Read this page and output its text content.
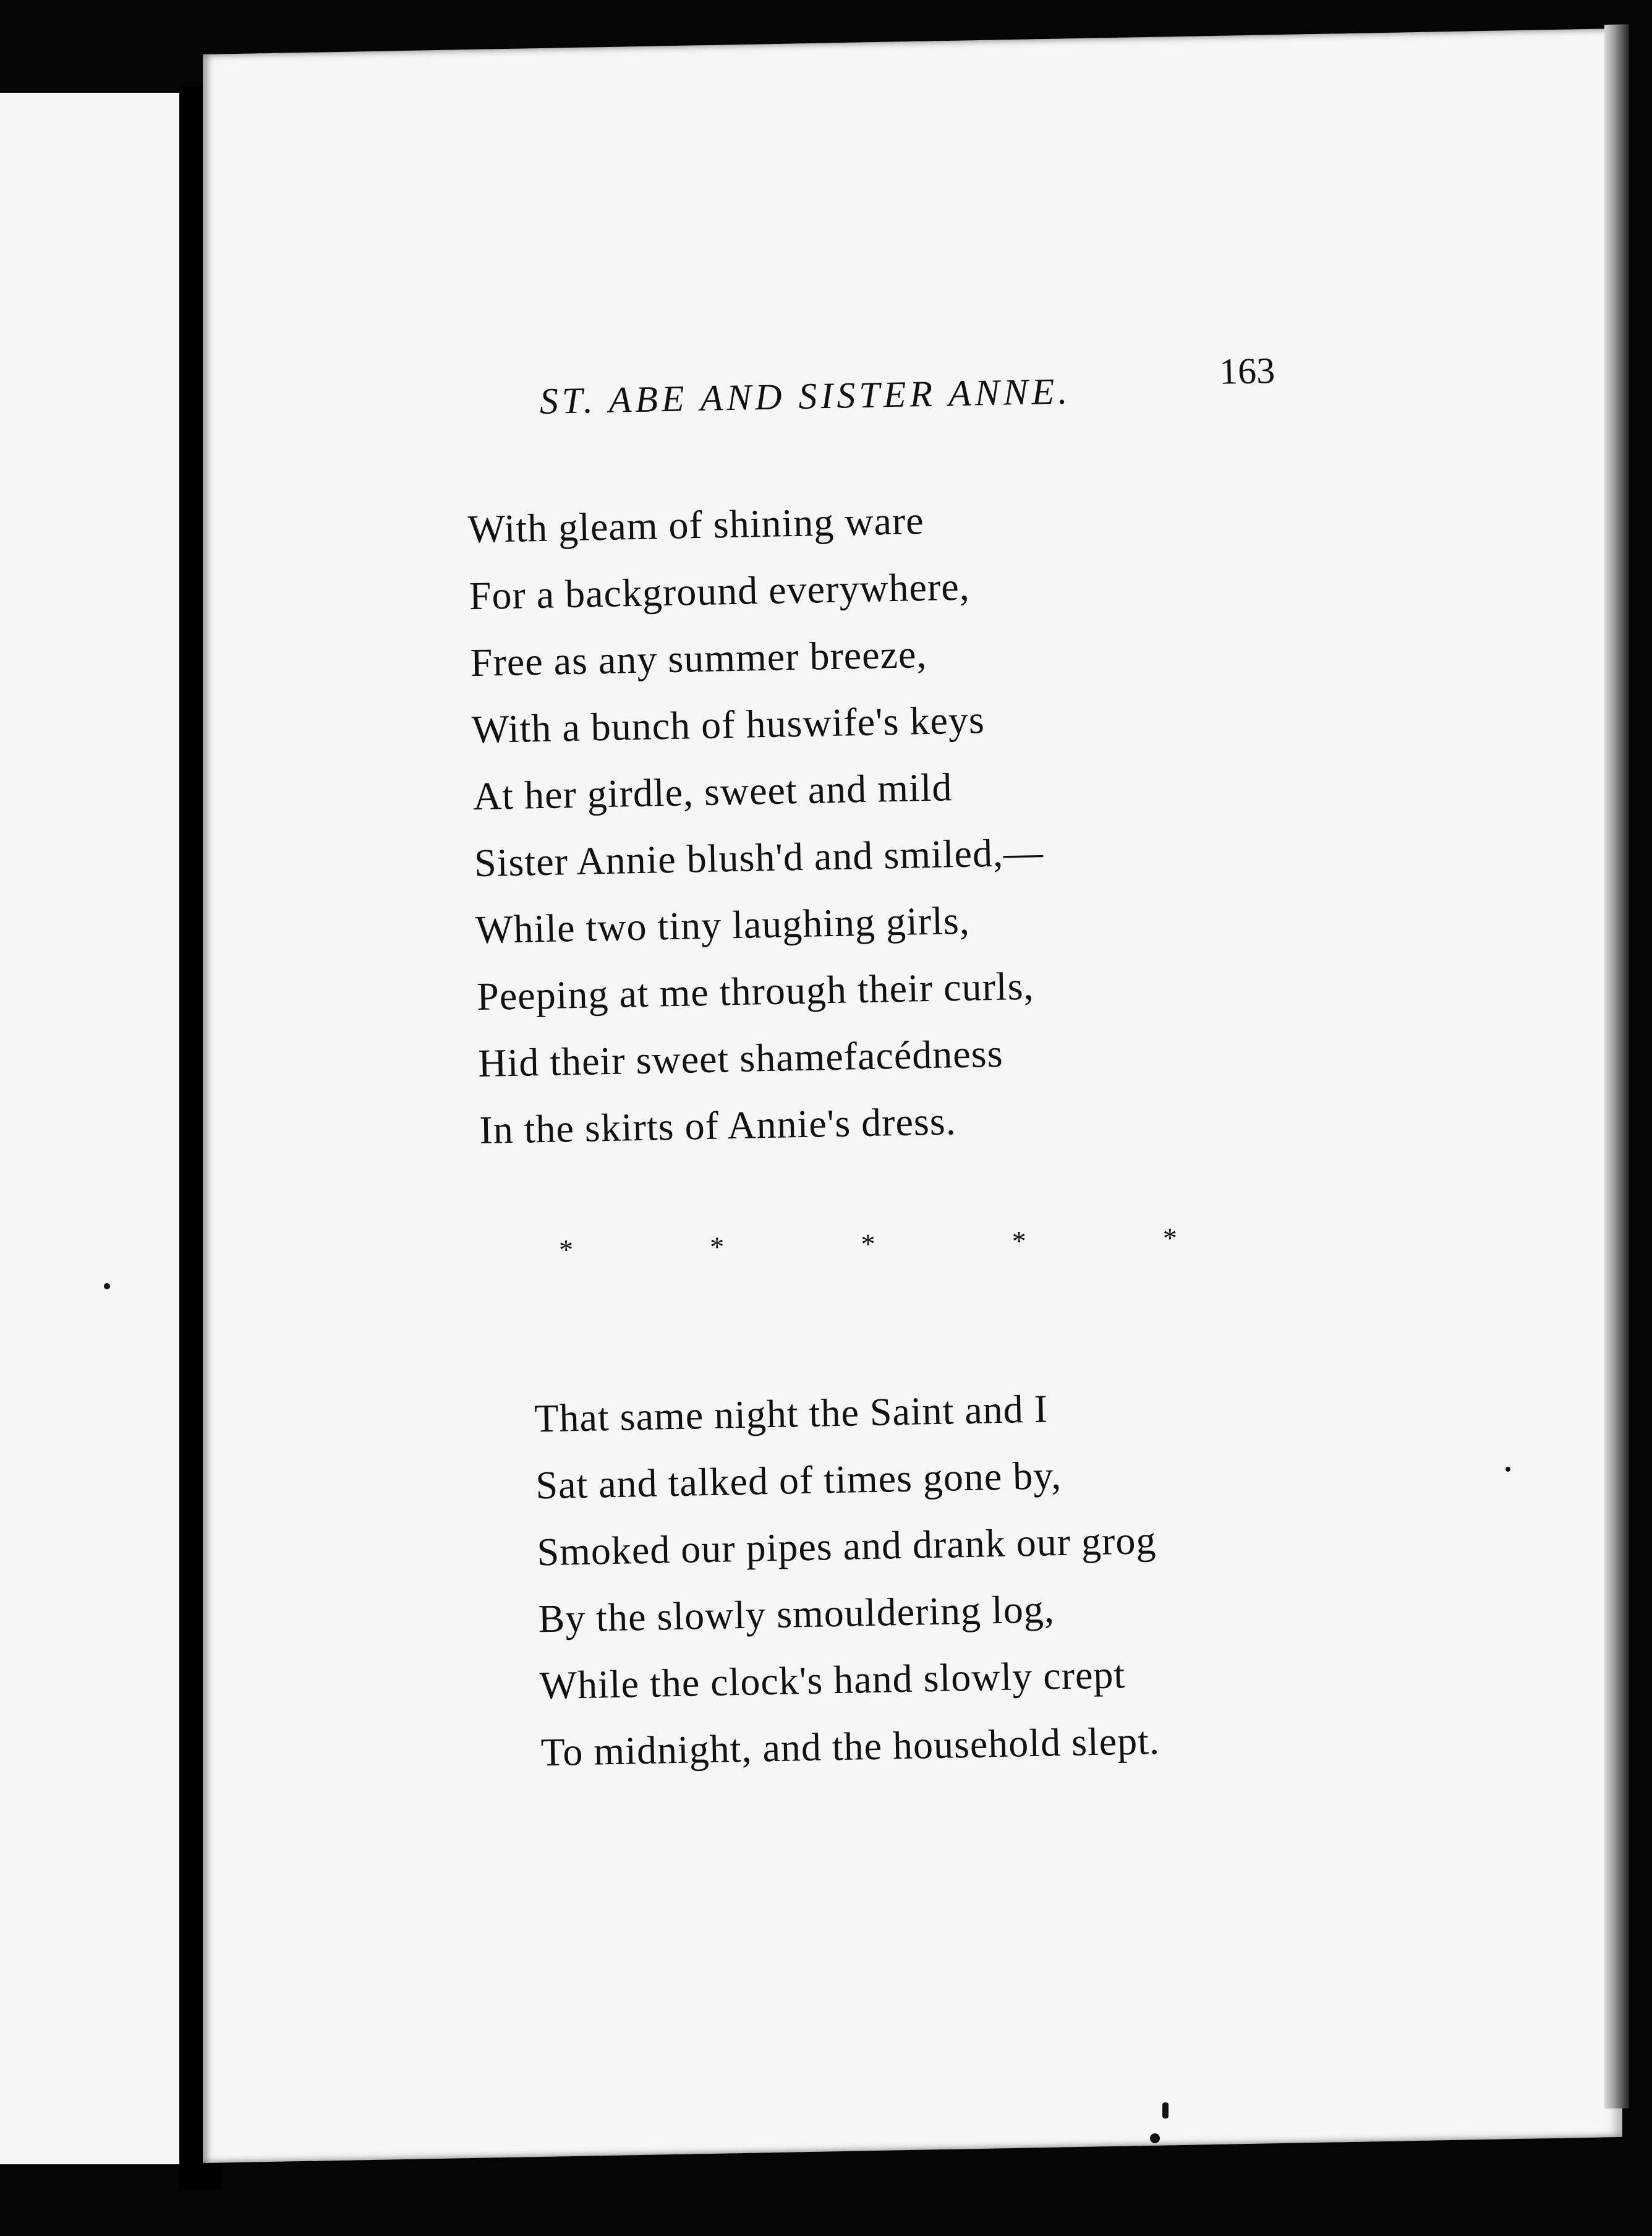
ST. ABE AND SISTER ANNE.	163
With gleam of shining ware
For a background everywhere,
Free as any summer breeze,
With a bunch of huswife's keys
At her girdle, sweet and mild
Sister Annie blush'd and smiled,—
While two tiny laughing girls,
Peeping at me through their curls,
Hid their sweet shamefacédness
In the skirts of Annie's dress.
*	*	*	*	*
That same night the Saint and I
Sat and talked of times gone by,
Smoked our pipes and drank our grog
By the slowly smouldering log,
While the clock's hand slowly crept
To midnight, and the household slept.
